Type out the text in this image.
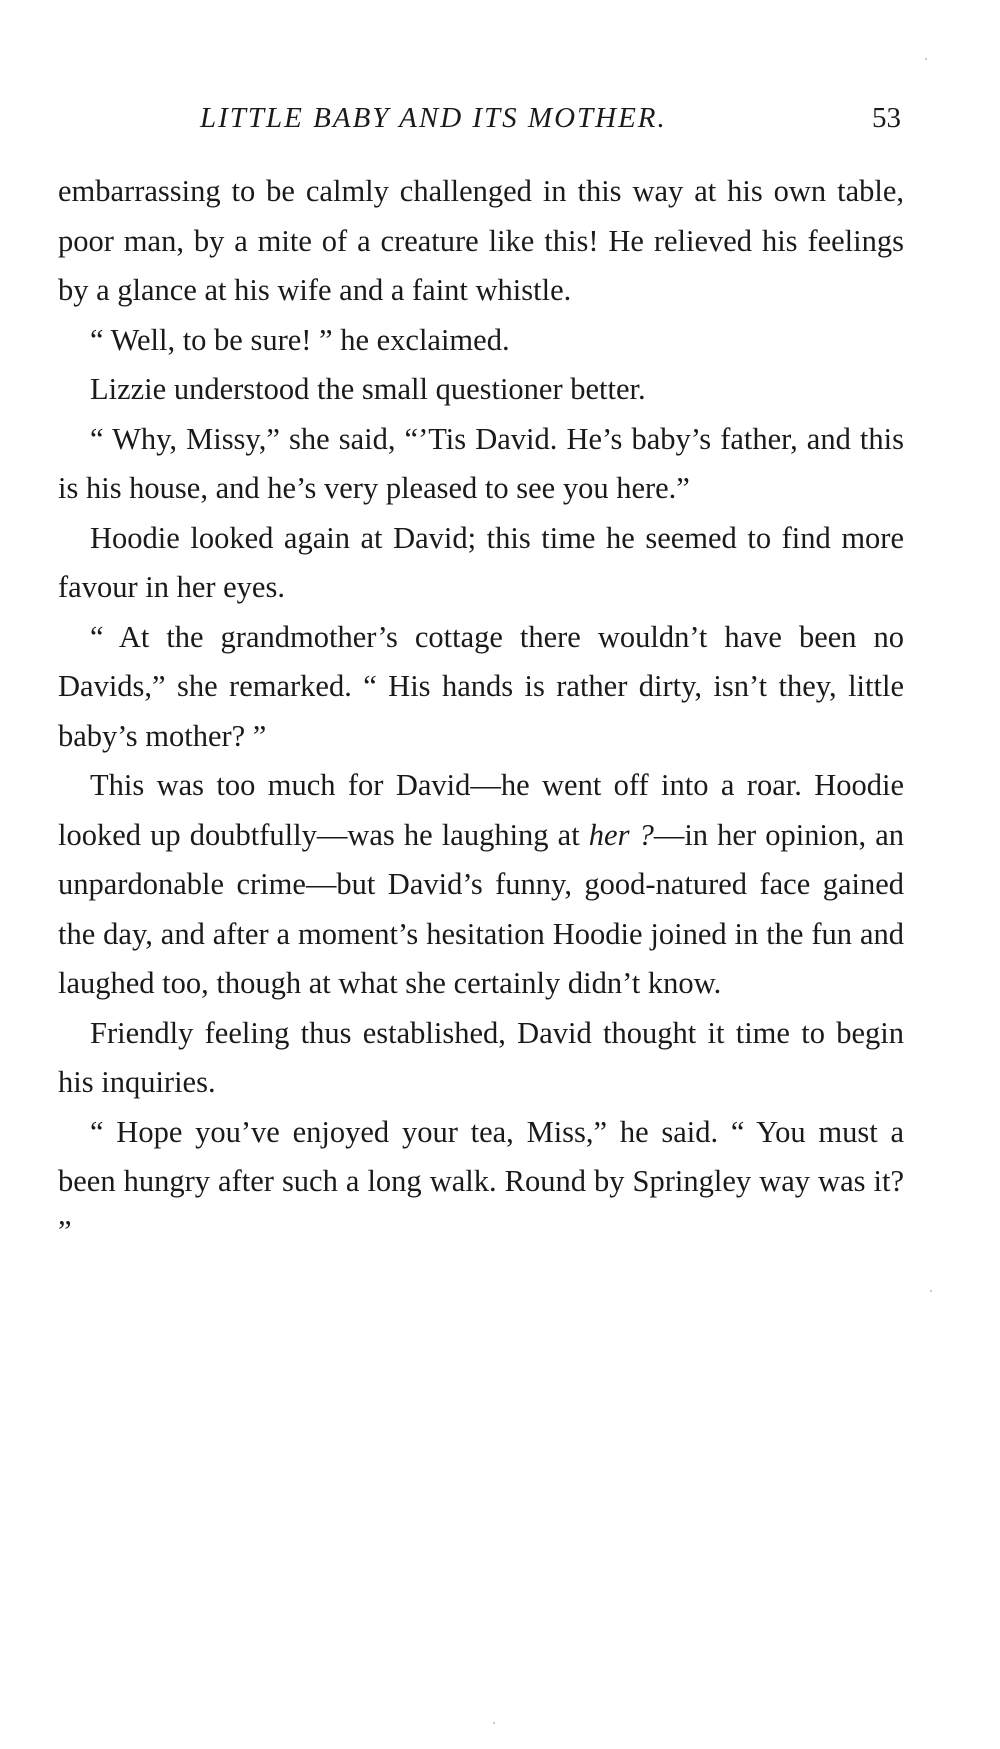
LITTLE BABY AND ITS MOTHER.	53

embarrassing to be calmly challenged in this way at his own table, poor man, by a mite of a creature like this! He relieved his feelings by a glance at his wife and a faint whistle.

“ Well, to be sure! ” he exclaimed.

Lizzie understood the small questioner better.

“ Why, Missy,” she said, “’Tis David. He’s baby’s father, and this is his house, and he’s very pleased to see you here.”

Hoodie looked again at David; this time he seemed to find more favour in her eyes.

“ At the grandmother’s cottage there wouldn’t have been no Davids,” she remarked. “ His hands is rather dirty, isn’t they, little baby’s mother? ”

This was too much for David—he went off into a roar. Hoodie looked up doubtfully—was he laughing at her ?—in her opinion, an unpardonable crime—but David’s funny, good-natured face gained the day, and after a moment’s hesitation Hoodie joined in the fun and laughed too, though at what she certainly didn’t know.

Friendly feeling thus established, David thought it time to begin his inquiries.

“ Hope you’ve enjoyed your tea, Miss,” he said. “ You must a been hungry after such a long walk. Round by Springley way was it? ”
